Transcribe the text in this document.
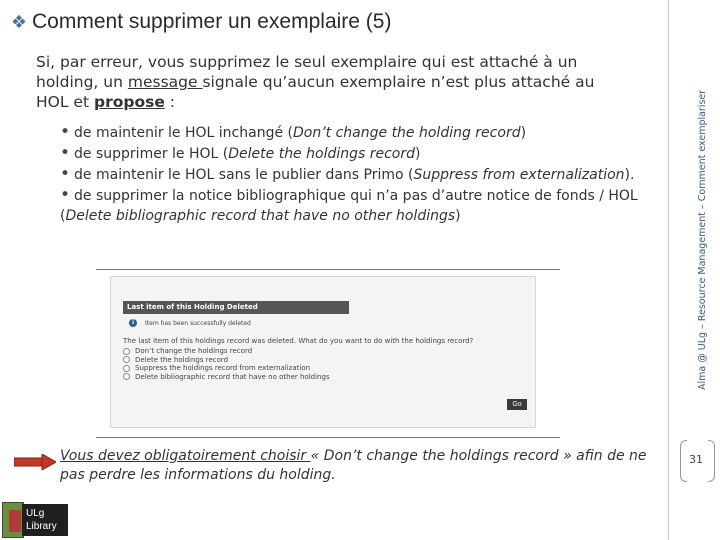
❖ Comment supprimer un exemplaire (5)
Si, par erreur, vous supprimez le seul exemplaire qui est attaché à un holding, un message signale qu’aucun exemplaire n’est plus attaché au HOL et propose :
• de maintenir le HOL inchangé (Don’t change the holding record)
• de supprimer le HOL (Delete the holdings record)
• de maintenir le HOL sans le publier dans Primo (Suppress from externalization).
• de supprimer la notice bibliographique qui n’a pas d’autre notice de fonds / HOL (Delete bibliographic record that have no other holdings)
Last item of this Holding Deleted
i	Item has been successfully deleted
The last item of this holdings record was deleted. What do you want to do with the holdings record?
Don’t change the holdings record
Delete the holdings record
Suppress the holdings record from externalization
Delete bibliographic record that have no other holdings
Go
Vous devez obligatoirement choisir « Don’t change the holdings record » afin de ne pas perdre les informations du holding.
ULg
Library
Alma @ ULg – Resource Management – Comment exemplariser
31
